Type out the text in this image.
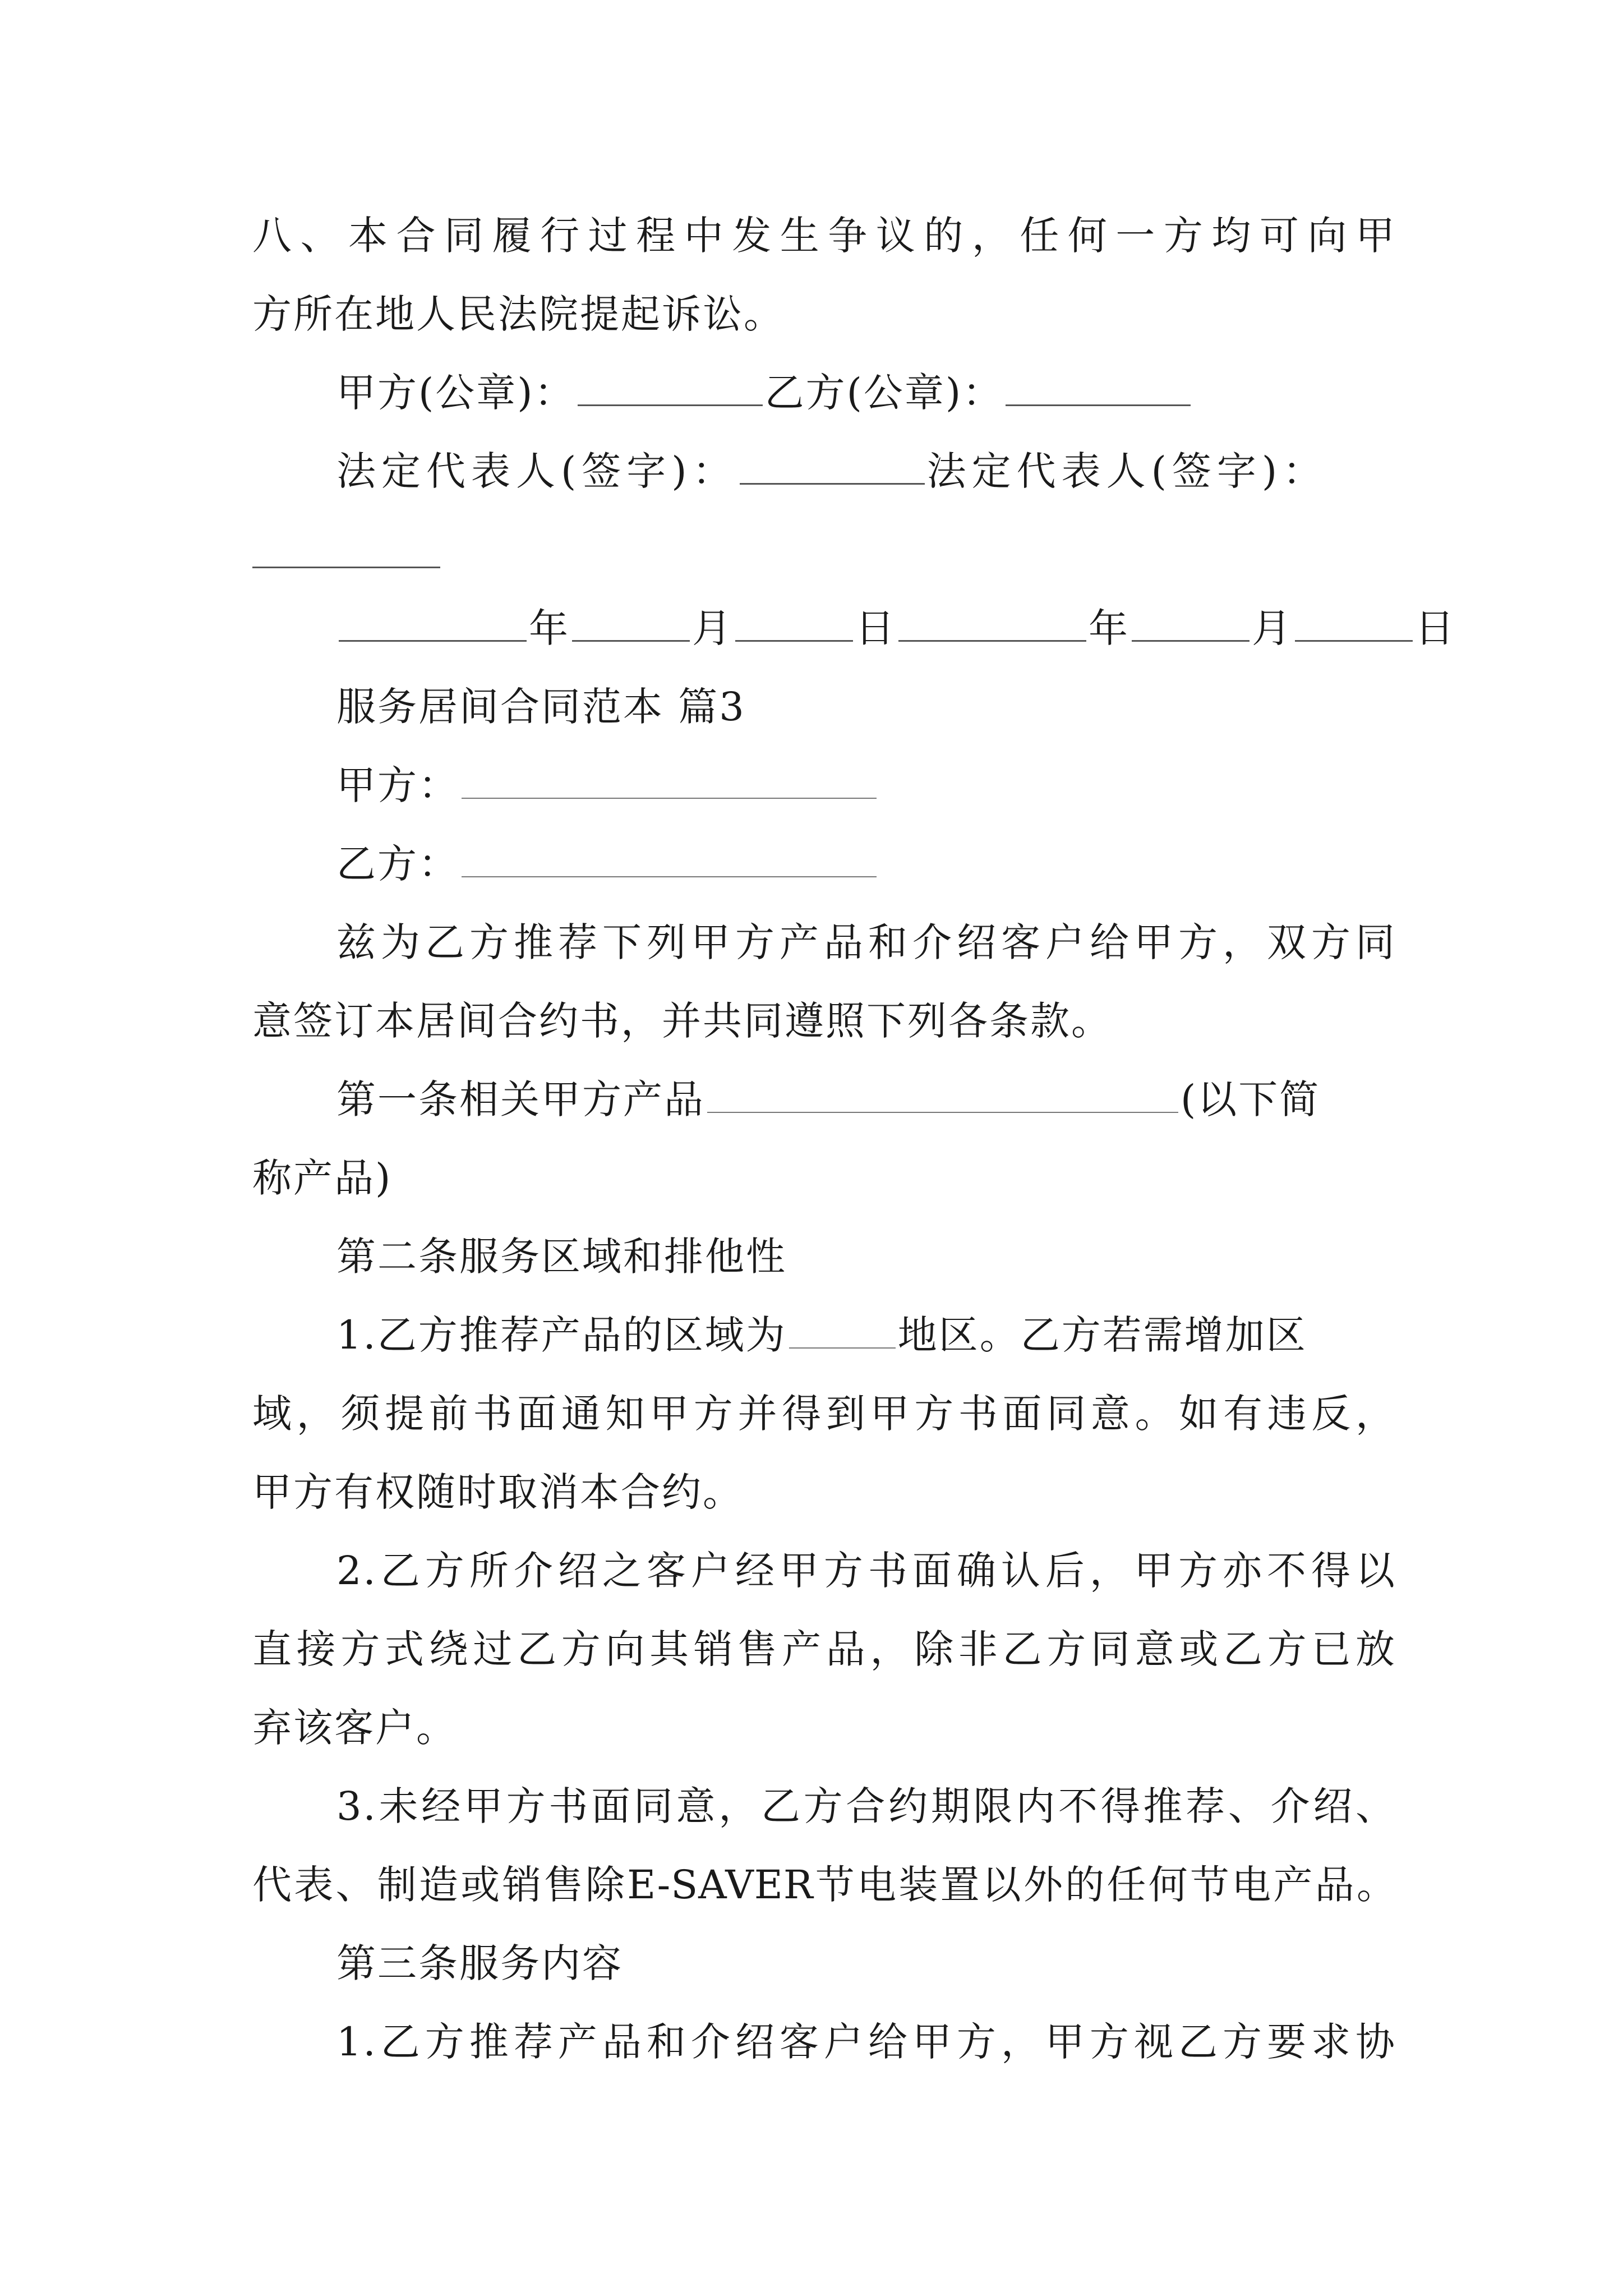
八、本合同履行过程中发生争议的，任何一方均可向甲
方所在地人民法院提起诉讼。
甲方(公章)：	乙方(公章)：
法定代表人(签字)：	法定代表人(签字)：
年	月	日	年	月	日
服务居间合同范本 篇3
甲方：
乙方：
兹为乙方推荐下列甲方产品和介绍客户给甲方，双方同
意签订本居间合约书，并共同遵照下列各条款。
第一条相关甲方产品	(以下简
称产品)
第二条服务区域和排他性
1.乙方推荐产品的区域为	地区。乙方若需增加区
域，须提前书面通知甲方并得到甲方书面同意。如有违反，
甲方有权随时取消本合约。
2.乙方所介绍之客户经甲方书面确认后，甲方亦不得以
直接方式绕过乙方向其销售产品，除非乙方同意或乙方已放
弃该客户。
3.未经甲方书面同意，乙方合约期限内不得推荐、介绍、
代表、制造或销售除E-SAVER节电装置以外的任何节电产品。
第三条服务内容
1.乙方推荐产品和介绍客户给甲方，甲方视乙方要求协
